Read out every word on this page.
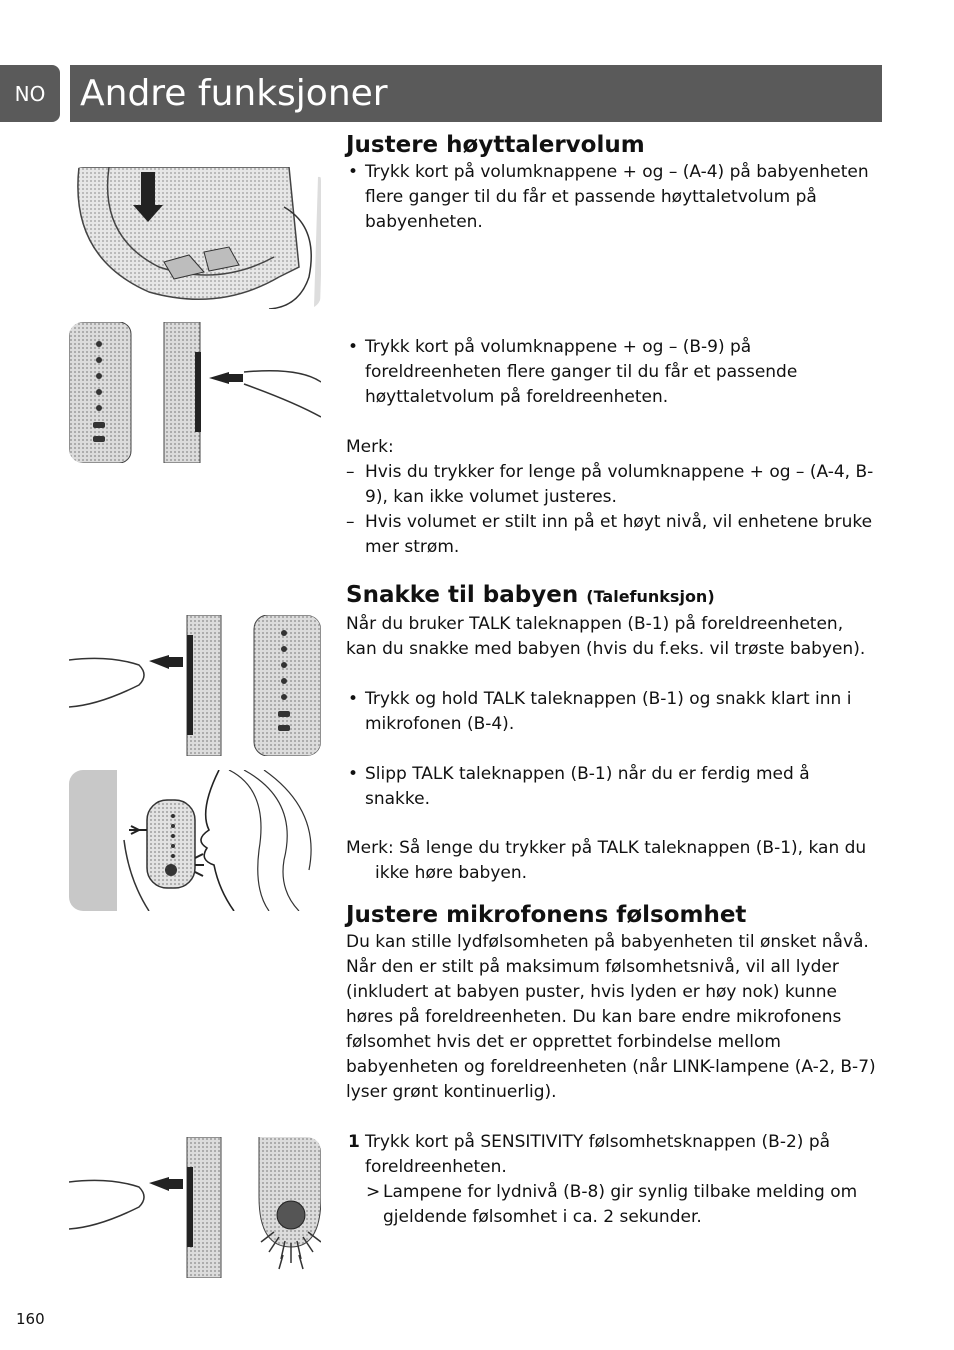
NO Andre funksjoner
Justere høyttalervolum

• Trykk kort på volumknappene + og – (A-4) på babyenheten flere ganger til du får et passende høyttaletvolum på babyenheten.

• Trykk kort på volumknappene + og – (B-9) på foreldreenheten flere ganger til du får et passende høyttaletvolum på foreldreenheten.

Merk:

– Hvis du trykker for lenge på volumknappene + og – (A-4, B-9), kan ikke volumet justeres.

– Hvis volumet er stilt inn på et høyt nivå, vil enhetene bruke mer strøm.

Snakke til babyen (Talefunksjon)

Når du bruker TALK taleknappen (B-1) på foreldreenheten, kan du snakke med babyen (hvis du f.eks. vil trøste babyen).

• Trykk og hold TALK taleknappen (B-1) og snakk klart inn i mikrofonen (B-4).

• Slipp TALK taleknappen (B-1) når du er ferdig med å snakke.

Merk: Så lenge du trykker på TALK taleknappen (B-1), kan du

ikke høre babyen.

Justere mikrofonens følsomhet

Du kan stille lydfølsomheten på babyenheten til ønsket nåvå. Når den er stilt på maksimum følsomhetsnivå, vil all lyder (inkludert at babyen puster, hvis lyden er høy nok) kunne høres på foreldreenheten. Du kan bare endre mikrofonens følsomhet hvis det er opprettet forbindelse mellom babyenheten og foreldreenheten (når LINK-lampene (A-2, B-7) lyser grønt kontinuerlig).

1 Trykk kort på SENSITIVITY følsomhetsknappen (B-2) på foreldreenheten.

> Lampene for lydnivå (B-8) gir synlig tilbake melding om gjeldende følsomhet i ca. 2 sekunder.

160
